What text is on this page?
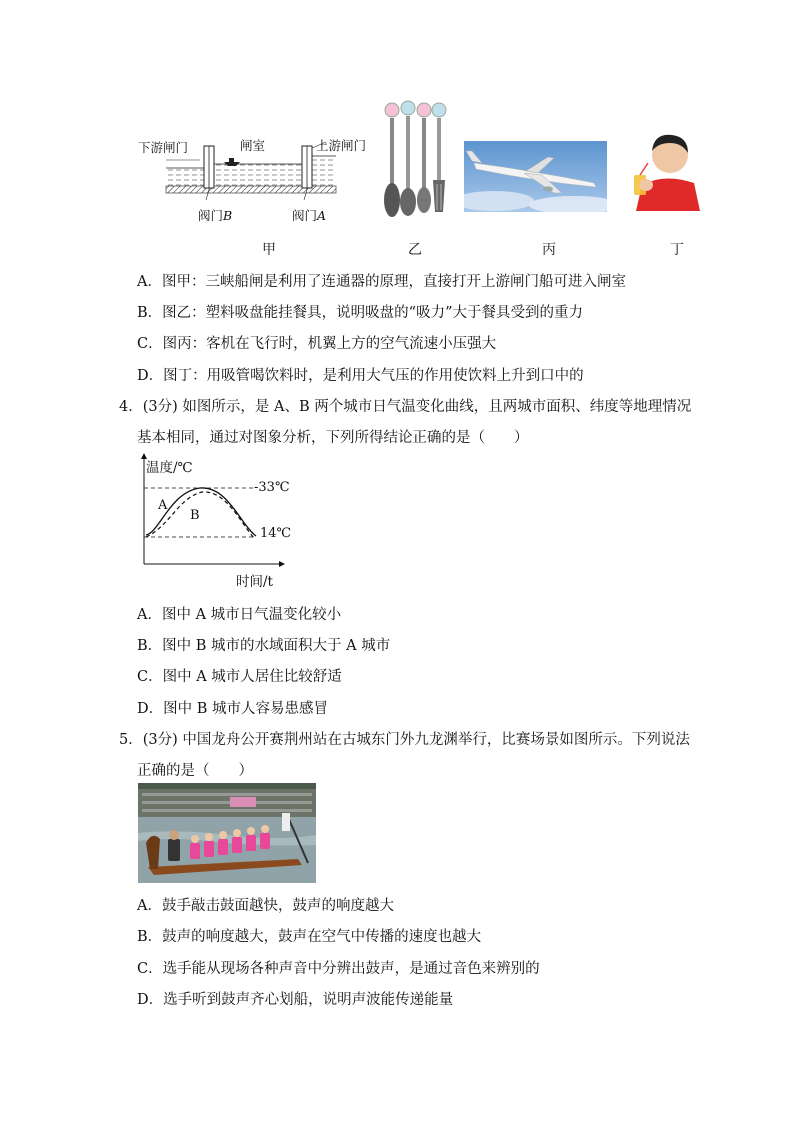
下游闸门	闸室	上游闸门
阀门B	阀门A
甲	乙	丙	丁
A．图甲：三峡船闸是利用了连通器的原理，直接打开上游闸门船可进入闸室
B．图乙：塑料吸盘能挂餐具，说明吸盘的“吸力”大于餐具受到的重力
C．图丙：客机在飞行时，机翼上方的空气流速小压强大
D．图丁：用吸管喝饮料时，是利用大气压的作用使饮料上升到口中的
4．(3分) 如图所示，是 A、B 两个城市日气温变化曲线，且两城市面积、纬度等地理情况
基本相同，通过对图象分析，下列所得结论正确的是（　　）
温度/℃
-33℃
14℃
A
B
时间/t
A．图中 A 城市日气温变化较小
B．图中 B 城市的水域面积大于 A 城市
C．图中 A 城市人居住比较舒适
D．图中 B 城市人容易患感冒
5．(3分) 中国龙舟公开赛荆州站在古城东门外九龙渊举行，比赛场景如图所示。下列说法
正确的是（　　）
A．鼓手敲击鼓面越快，鼓声的响度越大
B．鼓声的响度越大，鼓声在空气中传播的速度也越大
C．选手能从现场各种声音中分辨出鼓声，是通过音色来辨别的
D．选手听到鼓声齐心划船，说明声波能传递能量
